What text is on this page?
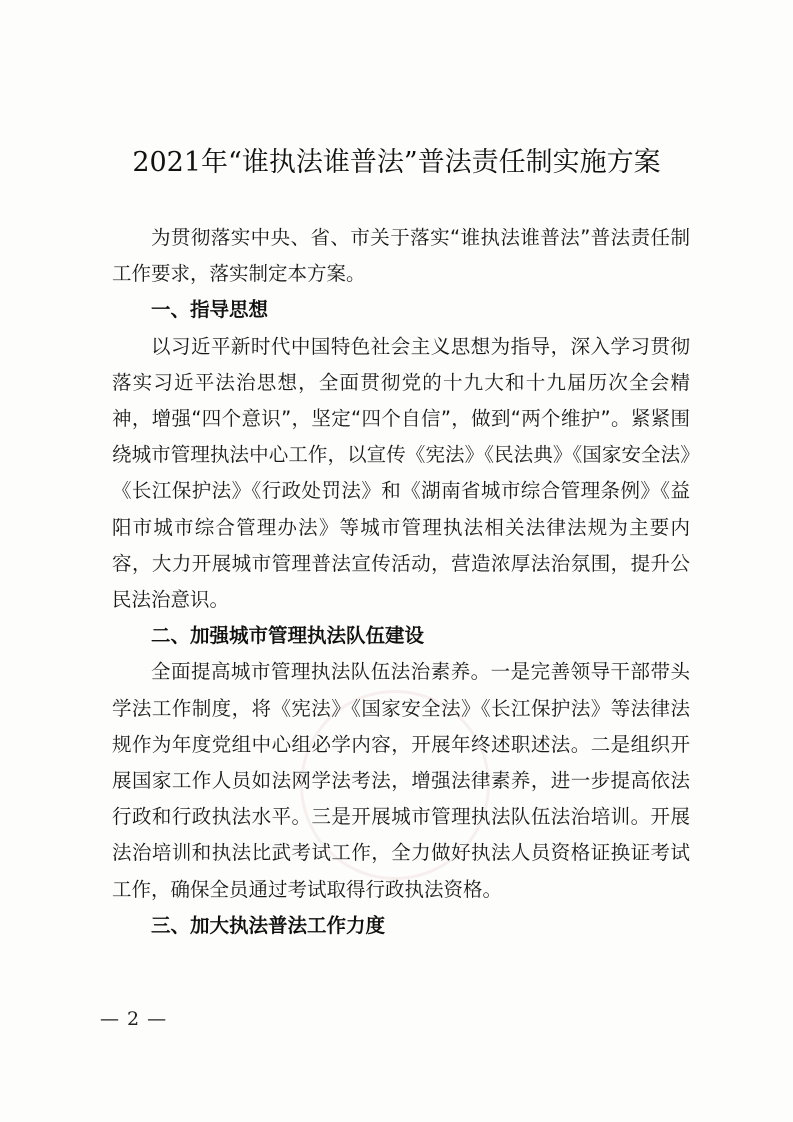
2021年“谁执法谁普法”普法责任制实施方案

为贯彻落实中央、省、市关于落实“谁执法谁普法”普法责任制工作要求，落实制定本方案。

一、指导思想

以习近平新时代中国特色社会主义思想为指导，深入学习贯彻落实习近平法治思想，全面贯彻党的十九大和十九届历次全会精神，增强“四个意识”，坚定“四个自信”，做到“两个维护”。紧紧围绕城市管理执法中心工作，以宣传《宪法》《民法典》《国家安全法》《长江保护法》《行政处罚法》和《湖南省城市综合管理条例》《益阳市城市综合管理办法》等城市管理执法相关法律法规为主要内容，大力开展城市管理普法宣传活动，营造浓厚法治氛围，提升公民法治意识。

二、加强城市管理执法队伍建设

全面提高城市管理执法队伍法治素养。一是完善领导干部带头学法工作制度，将《宪法》《国家安全法》《长江保护法》等法律法规作为年度党组中心组必学内容，开展年终述职述法。二是组织开展国家工作人员如法网学法考法，增强法律素养，进一步提高依法行政和行政执法水平。三是开展城市管理执法队伍法治培训。开展法治培训和执法比武考试工作，全力做好执法人员资格证换证考试工作，确保全员通过考试取得行政执法资格。

三、加大执法普法工作力度

— 2 —
